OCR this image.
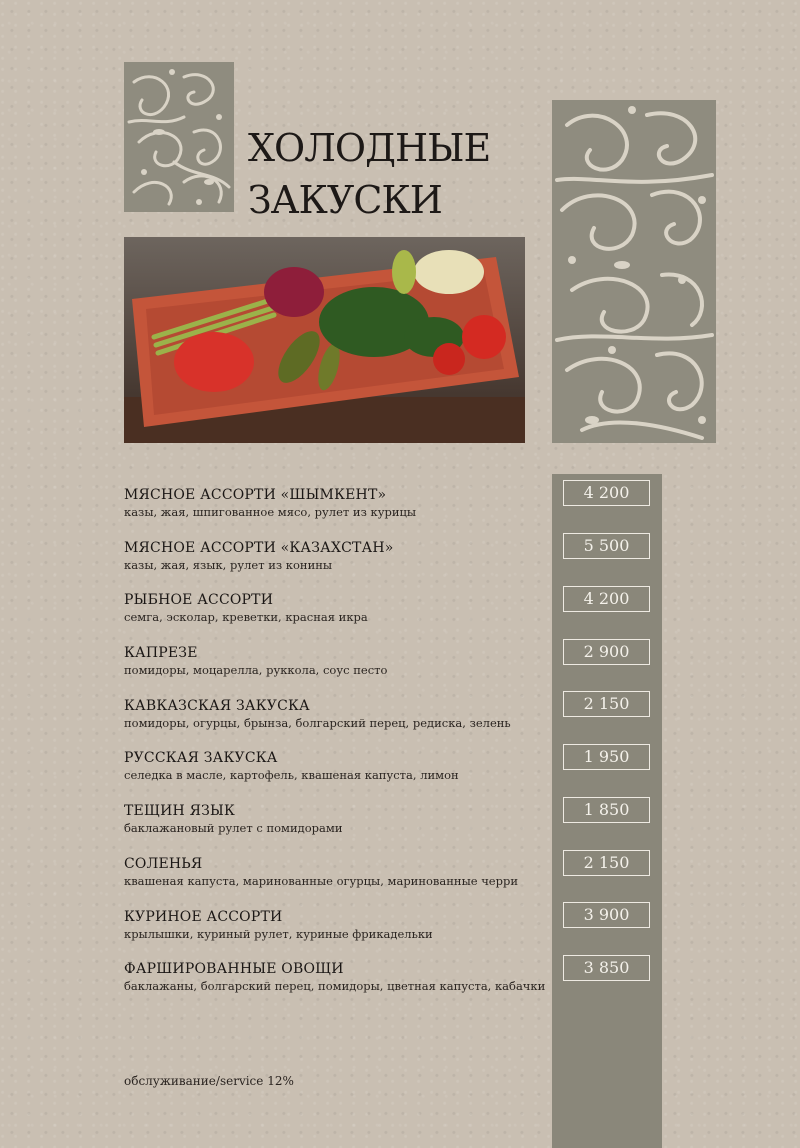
ХОЛОДНЫЕ
ЗАКУСКИ
МЯСНОЕ АССОРТИ «ШЫМКЕНТ»
казы, жая, шпигованное мясо, рулет из курицы
4 200
МЯСНОЕ АССОРТИ «КАЗАХСТАН»
казы, жая, язык, рулет из конины
5 500
РЫБНОЕ АССОРТИ
семга, эсколар, креветки, красная икра
4 200
КАПРЕЗЕ
помидоры, моцарелла, руккола, соус песто
2 900
КАВКАЗСКАЯ ЗАКУСКА
помидоры, огурцы, брынза, болгарский перец, редиска, зелень
2 150
РУССКАЯ ЗАКУСКА
селедка в масле, картофель, квашеная капуста, лимон
1 950
ТЕЩИН ЯЗЫК
баклажановый рулет с помидорами
1 850
СОЛЕНЬЯ
квашеная капуста, маринованные огурцы, маринованные черри
2 150
КУРИНОЕ АССОРТИ
крылышки, куриный рулет, куриные фрикадельки
3 900
ФАРШИРОВАННЫЕ ОВОЩИ
баклажаны, болгарский перец, помидоры, цветная капуста, кабачки
3 850
обслуживание/service 12%
